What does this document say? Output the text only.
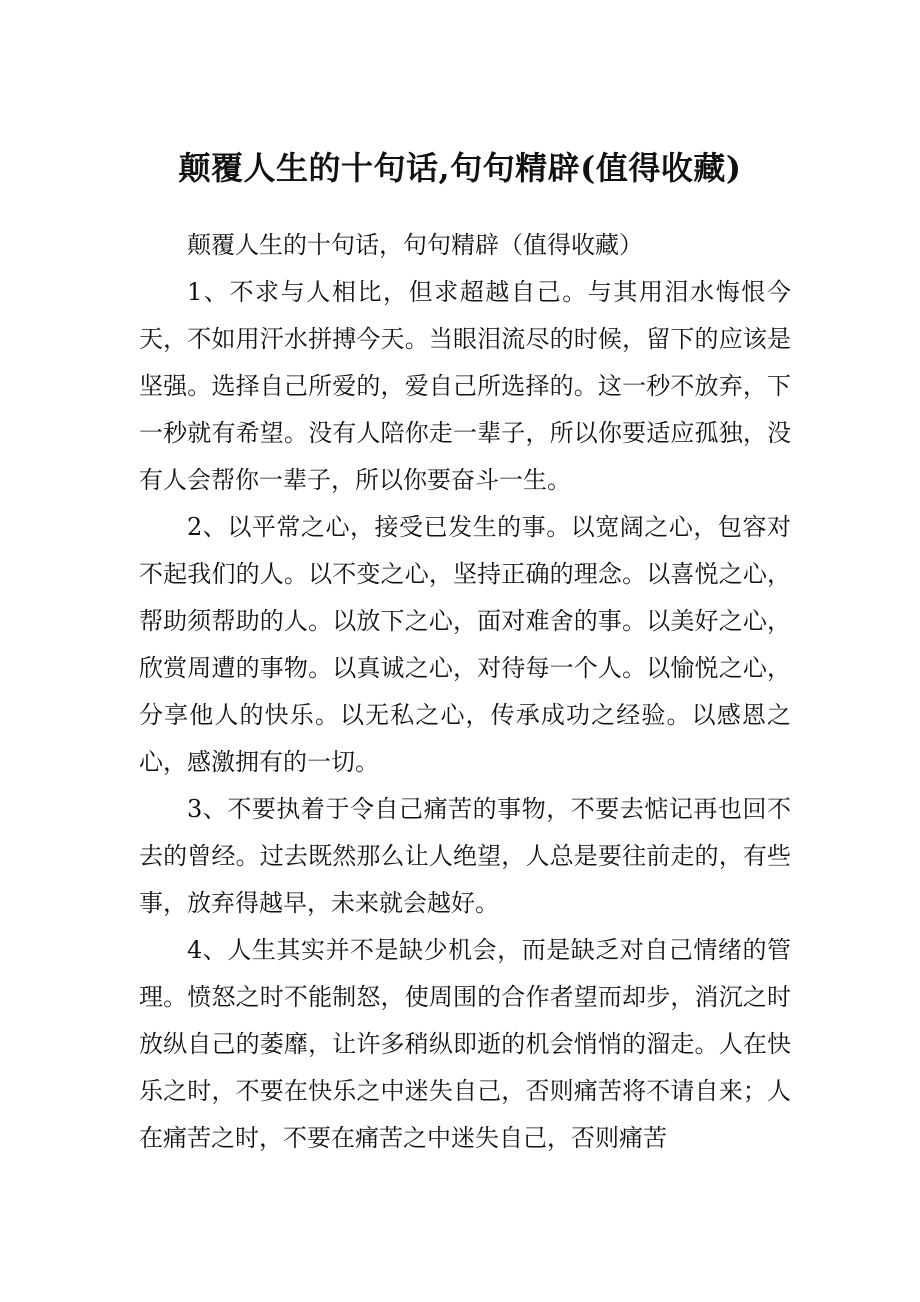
颠覆人生的十句话,句句精辟(值得收藏)

颠覆人生的十句话，句句精辟（值得收藏）

1、不求与人相比，但求超越自己。与其用泪水悔恨今天，不如用汗水拼搏今天。当眼泪流尽的时候，留下的应该是坚强。选择自己所爱的，爱自己所选择的。这一秒不放弃，下一秒就有希望。没有人陪你走一辈子，所以你要适应孤独，没有人会帮你一辈子，所以你要奋斗一生。

2、以平常之心，接受已发生的事。以宽阔之心，包容对不起我们的人。以不变之心，坚持正确的理念。以喜悦之心，帮助须帮助的人。以放下之心，面对难舍的事。以美好之心，欣赏周遭的事物。以真诚之心，对待每一个人。以愉悦之心，分享他人的快乐。以无私之心，传承成功之经验。以感恩之心，感激拥有的一切。

3、不要执着于令自己痛苦的事物，不要去惦记再也回不去的曾经。过去既然那么让人绝望，人总是要往前走的，有些事，放弃得越早，未来就会越好。

4、人生其实并不是缺少机会，而是缺乏对自己情绪的管理。愤怒之时不能制怒，使周围的合作者望而却步，消沉之时放纵自己的萎靡，让许多稍纵即逝的机会悄悄的溜走。人在快乐之时，不要在快乐之中迷失自己，否则痛苦将不请自来；人在痛苦之时，不要在痛苦之中迷失自己，否则痛苦
